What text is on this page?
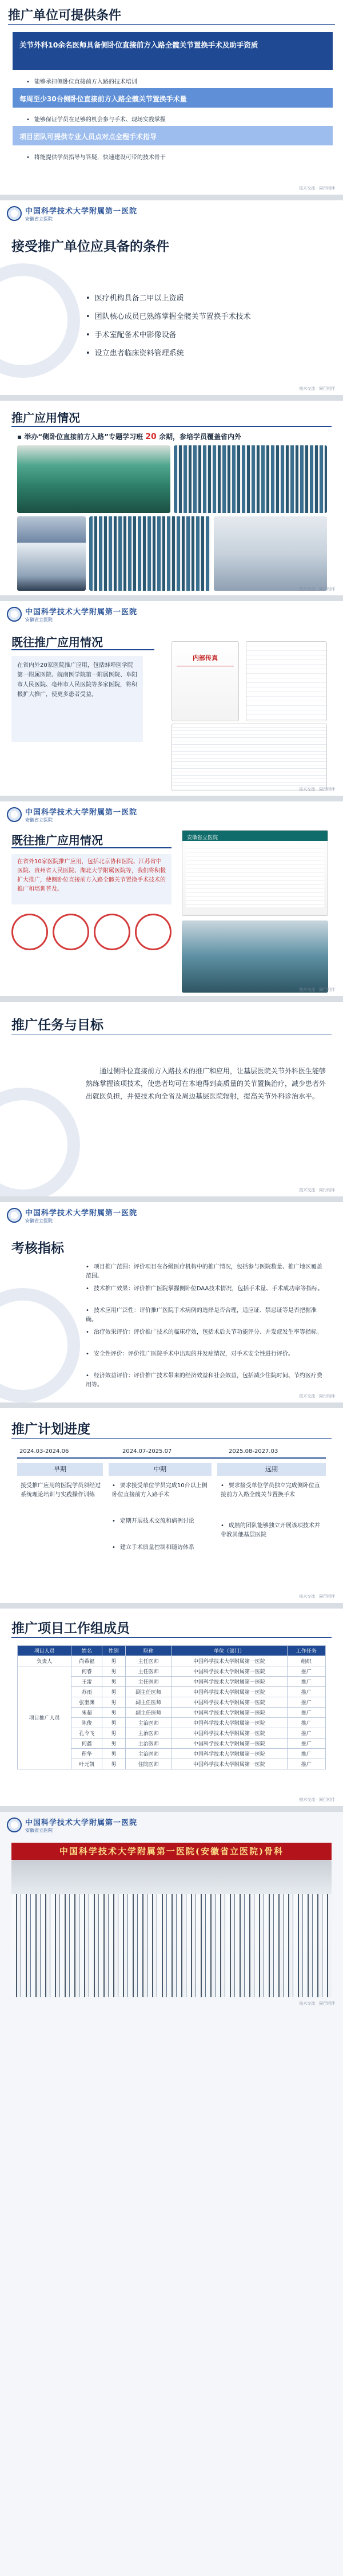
推广单位可提供条件
关节外科10余名医师具备侧卧位直接前方入路全髋关节置换手术及助手资质
• 能够承担侧卧位直接前方入路的技术培训
每周至少30台侧卧位直接前方入路全髋关节置换手术量
• 能够保证学员在足够的机会参与手术、现场实践掌握
项目团队可提供专业人员点对点全程手术指导
• 将能提供学员指导与答疑，快速建设可带的技术骨干
技术交流 · 同行相伴
中国科学技术大学附属第一医院
安徽省立医院
接受推广单位应具备的条件
• 医疗机构具备二甲以上资质
• 团队核心成员已熟练掌握全髋关节置换手术技术
• 手术室配备术中影像设备
• 设立患者临床资料管理系统
技术交流 · 同行相伴
推广应用情况
▪ 举办“侧卧位直接前方入路”专题学习班 20 余期，参培学员覆盖省内外
技术交流 · 同行相伴
中国科学技术大学附属第一医院
安徽省立医院
既往推广应用情况
在省内外20家医院推广应用，包括蚌埠医学院第一附属医院、皖南医学院第一附属医院、阜阳市人民医院、亳州市人民医院等多家医院，将积极扩大推广，使更多患者受益。
内部传真
技术交流 · 同行相伴
中国科学技术大学附属第一医院
安徽省立医院
既往推广应用情况
在省外10家医院推广应用，包括北京协和医院、江苏省中医院、贵州省人民医院、湖北大学附属医院等，我们将积极扩大推广，使侧卧位直接前方入路全髋关节置换手术技术的推广和培训普及。
安徽省立医院
技术交流 · 同行相伴
推广任务与目标
通过侧卧位直接前方入路技术的推广和应用，让基层医院关节外科医生能够熟练掌握该项技术，使患者均可在本地得到高质量的关节置换治疗，减少患者外出就医负担，并使技术向全省及周边基层医院辐射，提高关节外科诊治水平。
技术交流 · 同行相伴
中国科学技术大学附属第一医院
安徽省立医院
考核指标
• 项目推广范围：评价项目在各级医疗机构中的推广情况，包括参与医院数量、推广地区覆盖范围。
• 技术推广效果：评价推广医院掌握侧卧位DAA技术情况，包括手术量、手术成功率等指标。
• 技术应用广泛性：评价推广医院手术病例的选择是否合理，适应证、禁忌证等是否把握准确。
• 治疗效果评价：评价推广技术的临床疗效，包括术后关节功能评分、并发症发生率等指标。
• 安全性评价：评价推广医院手术中出现的并发症情况，对手术安全性进行评价。
• 经济效益评价：评价推广技术带来的经济效益和社会效益，包括减少住院时间、节约医疗费用等。
技术交流 · 同行相伴
推广计划进度
2024.03-2024.06	2024.07-2025.07	2025.08-2027.03
早期	中期	远期
接受推广应用的医院学员须经过系统理论培训与实践操作训练
• 要求接受单位学员完成10台以上侧卧位直接前方入路手术
• 定期开展技术交流和病例讨论
• 建立手术质量控制和随访体系
• 要求接受单位学员独立完成侧卧位直接前方入路全髋关节置换手术
• 成熟的团队能够独立开展该项技术并带教其他基层医院
技术交流 · 同行相伴
推广项目工作组成员
项目人员	姓名	性别	职称	单位（部门）	工作任务
负责人	尚希福	男	主任医师	中国科学技术大学附属第一医院	组织
项目推广人员	何睿	男	主任医师	中国科学技术大学附属第一医院	推广
	王雷	男	主任医师	中国科学技术大学附属第一医院	推广
	苏雨	男	副主任医师	中国科学技术大学附属第一医院	推广
	张奎渊	男	副主任医师	中国科学技术大学附属第一医院	推广
	朱超	男	副主任医师	中国科学技术大学附属第一医院	推广
	陈俊	男	主治医师	中国科学技术大学附属第一医院	推广
	孔令飞	男	主治医师	中国科学技术大学附属第一医院	推广
	何鑫	男	主治医师	中国科学技术大学附属第一医院	推广
	程华	男	主治医师	中国科学技术大学附属第一医院	推广
	叶元凯	男	住院医师	中国科学技术大学附属第一医院	推广
技术交流 · 同行相伴
中国科学技术大学附属第一医院
安徽省立医院
中国科学技术大学附属第一医院(安徽省立医院)骨科
技术交流 · 同行相伴
